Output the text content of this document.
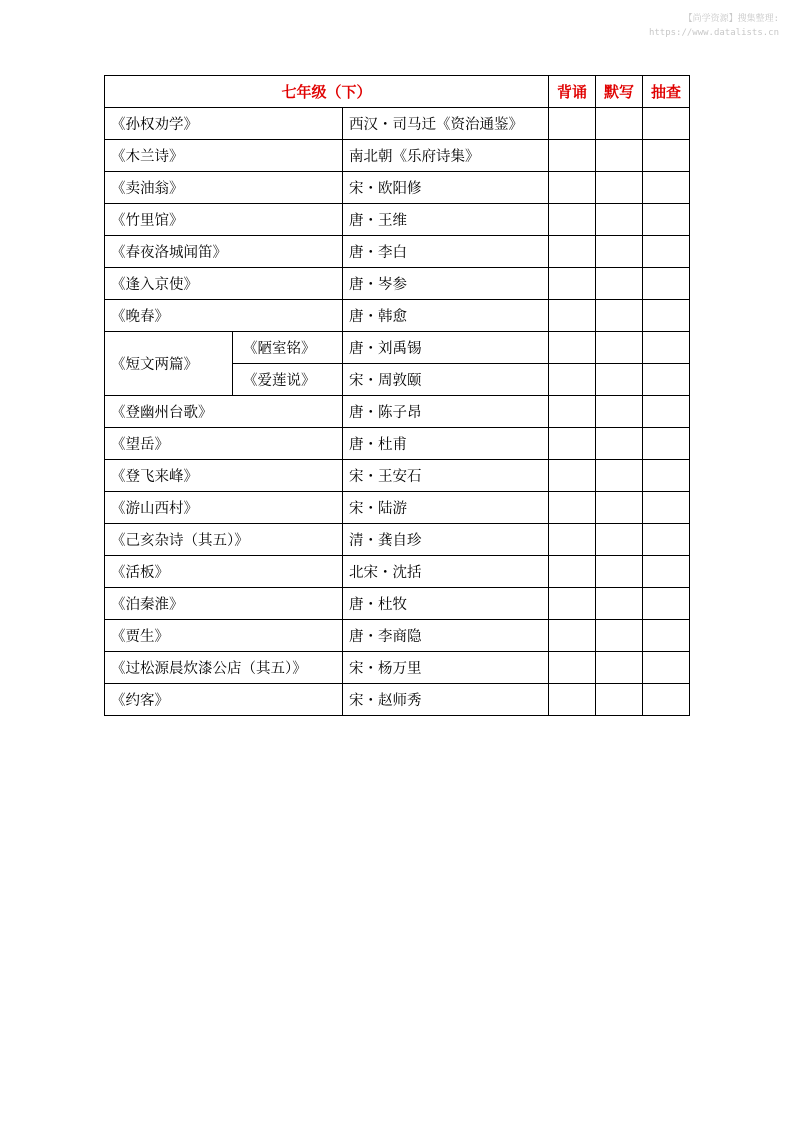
【尚学资源】搜集整理:
https://www.datalists.cn
七年级（下）			背诵	默写	抽查
《孙权劝学》		西汉・司马迁《资治通鉴》			
《木兰诗》		南北朝《乐府诗集》			
《卖油翁》		宋・欧阳修			
《竹里馆》		唐・王维			
《春夜洛城闻笛》		唐・李白			
《逢入京使》		唐・岑参			
《晚春》		唐・韩愈			
《短文两篇》	《陋室铭》	唐・刘禹锡			
	《爱莲说》	宋・周敦颐			
《登幽州台歌》		唐・陈子昂			
《望岳》		唐・杜甫			
《登飞来峰》		宋・王安石			
《游山西村》		宋・陆游			
《己亥杂诗（其五）》		清・龚自珍			
《活板》		北宋・沈括			
《泊秦淮》		唐・杜牧			
《贾生》		唐・李商隐			
《过松源晨炊漆公店（其五）》		宋・杨万里			
《约客》		宋・赵师秀			
